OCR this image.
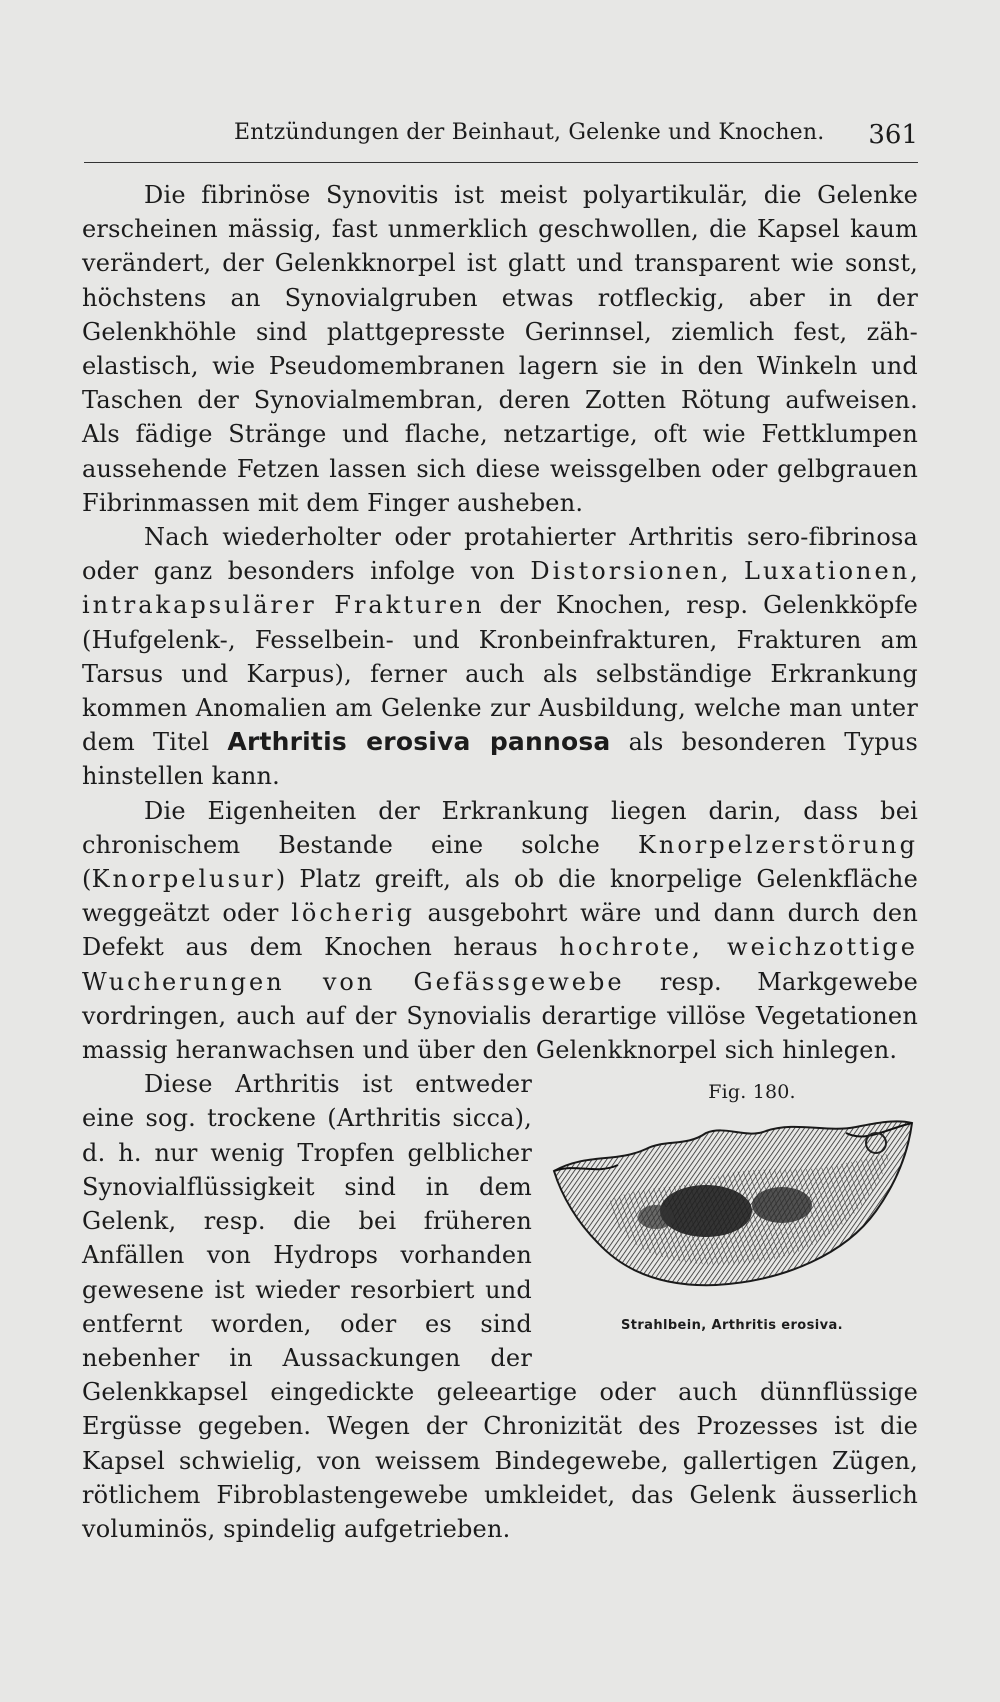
Entzündungen der Beinhaut, Gelenke und Knochen. 361

Die fibrinöse Synovitis ist meist polyartikulär, die Gelenke erscheinen mässig, fast unmerklich geschwollen, die Kapsel kaum verändert, der Gelenkknorpel ist glatt und transparent wie sonst, höchstens an Synovialgruben etwas rotfleckig, aber in der Gelenkhöhle sind plattgepresste Gerinnsel, ziemlich fest, zäh-elastisch, wie Pseudomembranen lagern sie in den Winkeln und Taschen der Synovialmembran, deren Zotten Rötung aufweisen. Als fädige Stränge und flache, netzartige, oft wie Fettklumpen aussehende Fetzen lassen sich diese weissgelben oder gelbgrauen Fibrinmassen mit dem Finger ausheben.

Nach wiederholter oder protahierter Arthritis sero-fibrinosa oder ganz besonders infolge von Distorsionen, Luxationen, intrakapsulärer Frakturen der Knochen, resp. Gelenkköpfe (Hufgelenk-, Fesselbein- und Kronbeinfrakturen, Frakturen am Tarsus und Karpus), ferner auch als selbständige Erkrankung kommen Anomalien am Gelenke zur Ausbildung, welche man unter dem Titel Arthritis erosiva pannosa als besonderen Typus hinstellen kann.

Die Eigenheiten der Erkrankung liegen darin, dass bei chronischem Bestande eine solche Knorpelzerstörung (Knorpelusur) Platz greift, als ob die knorpelige Gelenkfläche weggeätzt oder löcherig ausgebohrt wäre und dann durch den Defekt aus dem Knochen heraus hochrote, weichzottige Wucherungen von Gefässgewebe resp. Markgewebe vordringen, auch auf der Synovialis derartige villöse Vegetationen massig heranwachsen und über den Gelenkknorpel sich hinlegen.

Fig. 180.
Strahlbein, Arthritis erosiva.

Diese Arthritis ist entweder eine sog. trockene (Arthritis sicca), d. h. nur wenig Tropfen gelblicher Synovialflüssigkeit sind in dem Gelenk, resp. die bei früheren Anfällen von Hydrops vorhanden gewesene ist wieder resorbiert und entfernt worden, oder es sind nebenher in Aussackungen der Gelenkkapsel eingedickte geleeartige oder auch dünnflüssige Ergüsse gegeben. Wegen der Chronizität des Prozesses ist die Kapsel schwielig, von weissem Bindegewebe, gallertigen Zügen, rötlichem Fibroblastengewebe umkleidet, das Gelenk äusserlich voluminös, spindelig aufgetrieben.
